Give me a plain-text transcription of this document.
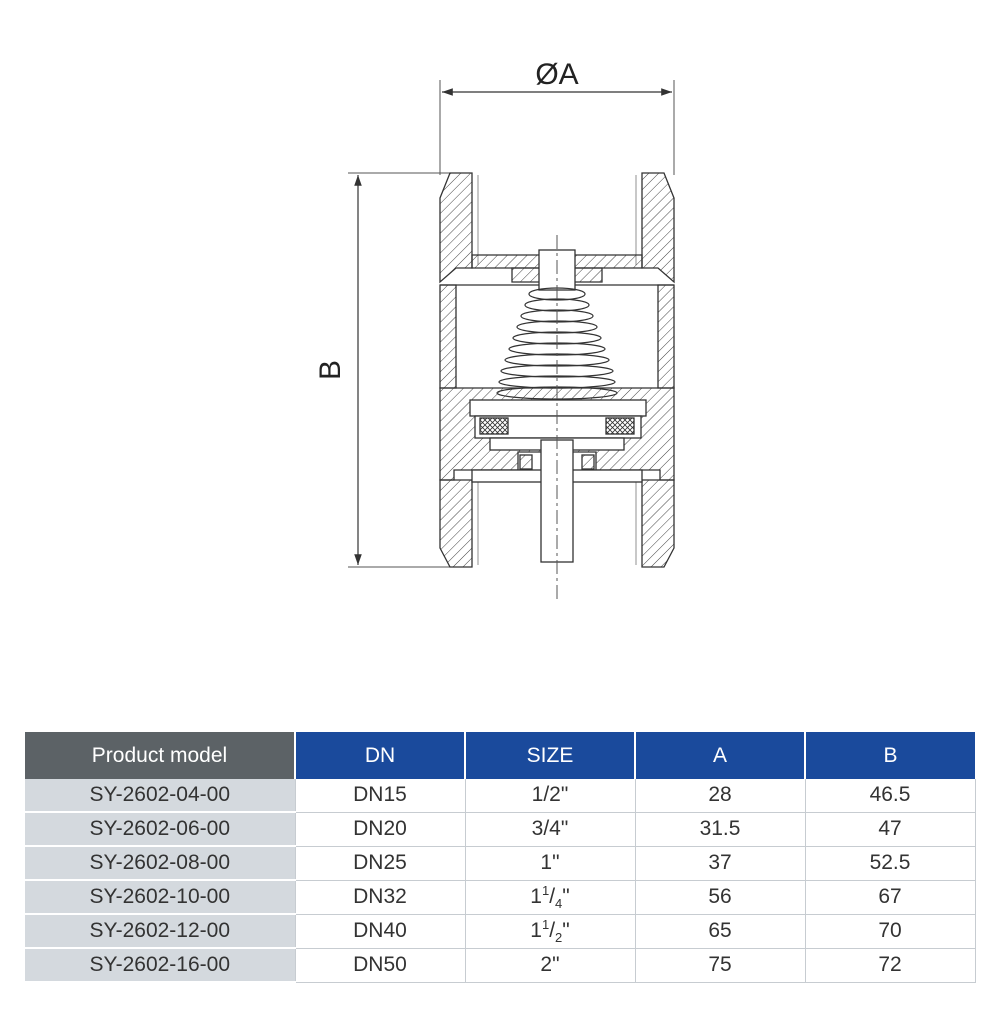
ØA
B
Product model	DN	SIZE	A	B
SY-2602-04-00	DN15	1/2"	28	46.5
SY-2602-06-00	DN20	3/4"	31.5	47
SY-2602-08-00	DN25	1"	37	52.5
SY-2602-10-00	DN32	$1^1/_4$"	56	67
SY-2602-12-00	DN40	$1^1/_2$"	65	70
SY-2602-16-00	DN50	2"	75	72
